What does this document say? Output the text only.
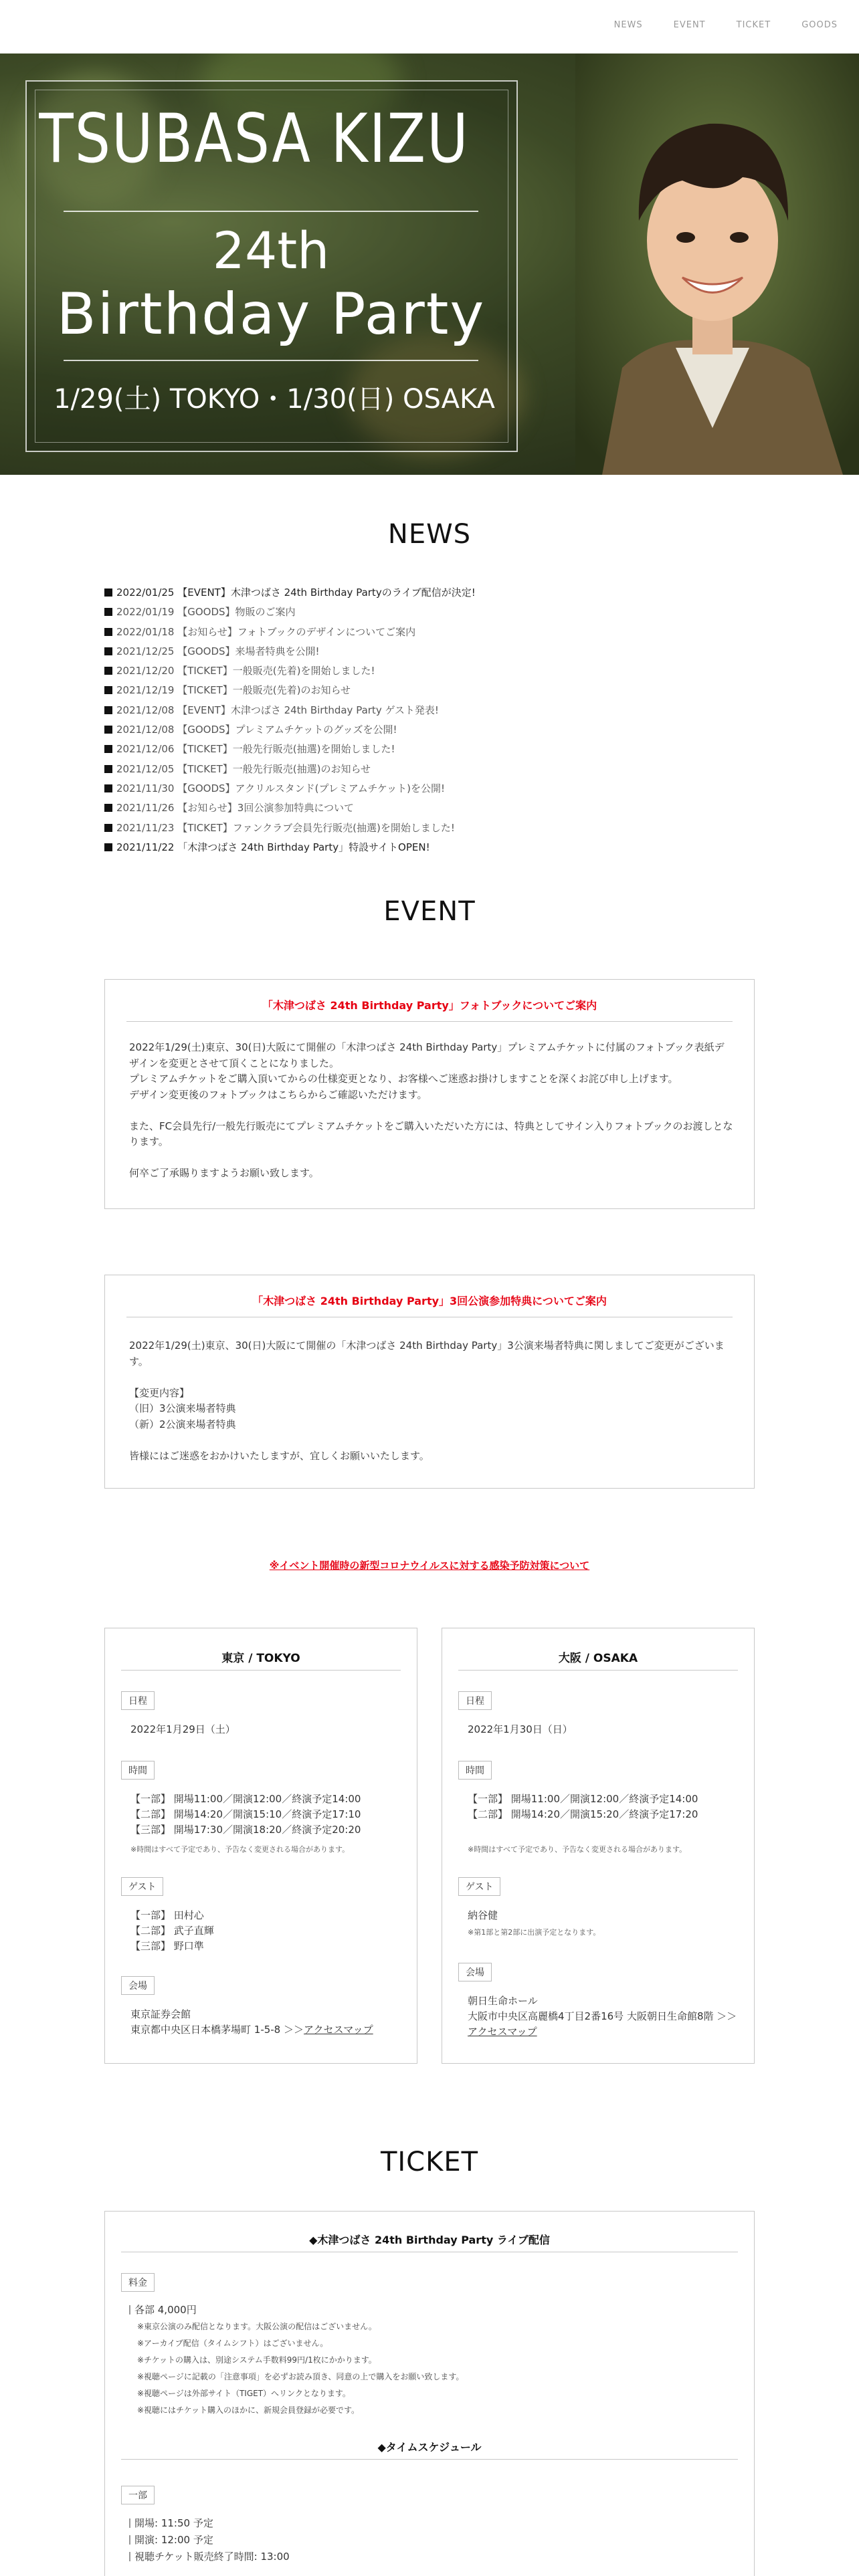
NEWS	EVENT	TICKET	GOODS
TSUBASA KIZU
24th
Birthday Party
1/29(土) TOKYO・1/30(日) OSAKA
NEWS
2022/01/25 【EVENT】木津つばさ 24th Birthday Partyのライブ配信が決定!
2022/01/19 【GOODS】物販のご案内
2022/01/18 【お知らせ】フォトブックのデザインについてご案内
2021/12/25 【GOODS】来場者特典を公開!
2021/12/20 【TICKET】一般販売(先着)を開始しました!
2021/12/19 【TICKET】一般販売(先着)のお知らせ
2021/12/08 【EVENT】木津つばさ 24th Birthday Party ゲスト発表!
2021/12/08 【GOODS】プレミアムチケットのグッズを公開!
2021/12/06 【TICKET】一般先行販売(抽選)を開始しました!
2021/12/05 【TICKET】一般先行販売(抽選)のお知らせ
2021/11/30 【GOODS】アクリルスタンド(プレミアムチケット)を公開!
2021/11/26 【お知らせ】3回公演参加特典について
2021/11/23 【TICKET】ファンクラブ会員先行販売(抽選)を開始しました!
2021/11/22 「木津つばさ 24th Birthday Party」特設サイトOPEN!
EVENT
「木津つばさ 24th Birthday Party」フォトブックについてご案内

2022年1/29(土)東京、30(日)大阪にて開催の「木津つばさ 24th Birthday Party」プレミアムチケットに付属のフォトブック表紙デザインを変更とさせて頂くことになりました。
プレミアムチケットをご購入頂いてからの仕様変更となり、お客様へご迷惑お掛けしますことを深くお詫び申し上げます。
デザイン変更後のフォトブックはこちらからご確認いただけます。

また、FC会員先行/一般先行販売にてプレミアムチケットをご購入いただいた方には、特典としてサイン入りフォトブックのお渡しとなります。

何卒ご了承賜りますようお願い致します。

「木津つばさ 24th Birthday Party」3回公演参加特典についてご案内

2022年1/29(土)東京、30(日)大阪にて開催の「木津つばさ 24th Birthday Party」3公演来場者特典に関しましてご変更がございます。

【変更内容】
（旧）3公演来場者特典
（新）2公演来場者特典

皆様にはご迷惑をおかけいたしますが、宜しくお願いいたします。

※イベント開催時の新型コロナウイルスに対する感染予防対策について
東京 / TOKYO
日程
2022年1月29日（土）
時間
【一部】 開場11:00／開演12:00／終演予定14:00
【二部】 開場14:20／開演15:10／終演予定17:10
【三部】 開場17:30／開演18:20／終演予定20:20
※時間はすべて予定であり、予告なく変更される場合があります。
ゲスト
【一部】 田村心
【二部】 武子直輝
【三部】 野口準
会場
東京証券会館
東京都中央区日本橋茅場町 1-5-8 ＞＞アクセスマップ
大阪 / OSAKA
日程
2022年1月30日（日）
時間
【一部】 開場11:00／開演12:00／終演予定14:00
【二部】 開場14:20／開演15:20／終演予定17:20
※時間はすべて予定であり、予告なく変更される場合があります。
ゲスト
納谷健
※第1部と第2部に出演予定となります。
会場
朝日生命ホール
大阪市中央区高麗橋4丁目2番16号 大阪朝日生命館8階 ＞＞アクセスマップ
TICKET
◆木津つばさ 24th Birthday Party ライブ配信
料金
各部 4,000円
※東京公演のみ配信となります。大阪公演の配信はございません。
※アーカイブ配信（タイムシフト）はございません。
※チケットの購入は、別途システム手数料99円/1枚にかかります。
※視聴ページに記載の「注意事項」を必ずお読み頂き、同意の上で購入をお願い致します。
※視聴ページは外部サイト（TIGET）へリンクとなります。
※視聴にはチケット購入のほかに、新規会員登録が必要です。
◆タイムスケジュール
一部
開場: 11:50 予定
開演: 12:00 予定
視聴チケット販売終了時間: 13:00
